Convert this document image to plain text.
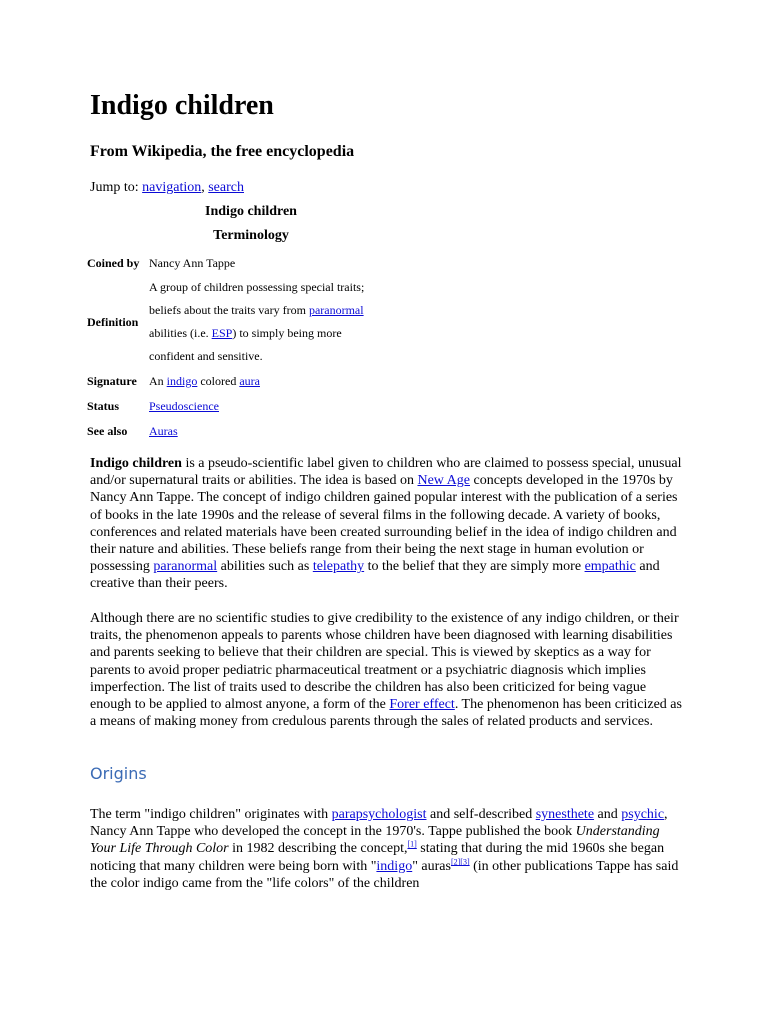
Indigo children
From Wikipedia, the free encyclopedia
Jump to: navigation, search
Indigo children
Terminology
Coined by Nancy Ann Tappe
Definition
A group of children possessing special traits;
beliefs about the traits vary from paranormal
abilities (i.e. ESP) to simply being more
confident and sensitive.
Signature	An indigo colored aura
Status	Pseudoscience
See also	Auras

Indigo children is a pseudo-scientific label given to children who are claimed to possess special, unusual and/or supernatural traits or abilities. The idea is based on New Age concepts developed in the 1970s by Nancy Ann Tappe. The concept of indigo children gained popular interest with the publication of a series of books in the late 1990s and the release of several films in the following decade. A variety of books, conferences and related materials have been created surrounding belief in the idea of indigo children and their nature and abilities. These beliefs range from their being the next stage in human evolution or possessing paranormal abilities such as telepathy to the belief that they are simply more empathic and creative than their peers.

Although there are no scientific studies to give credibility to the existence of any indigo children, or their traits, the phenomenon appeals to parents whose children have been diagnosed with learning disabilities and parents seeking to believe that their children are special. This is viewed by skeptics as a way for parents to avoid proper pediatric pharmaceutical treatment or a psychiatric diagnosis which implies imperfection. The list of traits used to describe the children has also been criticized for being vague enough to be applied to almost anyone, a form of the Forer effect. The phenomenon has been criticized as a means of making money from credulous parents through the sales of related products and services.

Origins

The term "indigo children" originates with parapsychologist and self-described synesthete and psychic, Nancy Ann Tappe who developed the concept in the 1970's. Tappe published the book Understanding Your Life Through Color in 1982 describing the concept,[1] stating that during the mid 1960s she began noticing that many children were being born with "indigo" auras[2][3] (in other publications Tappe has said the color indigo came from the "life colors" of the children
